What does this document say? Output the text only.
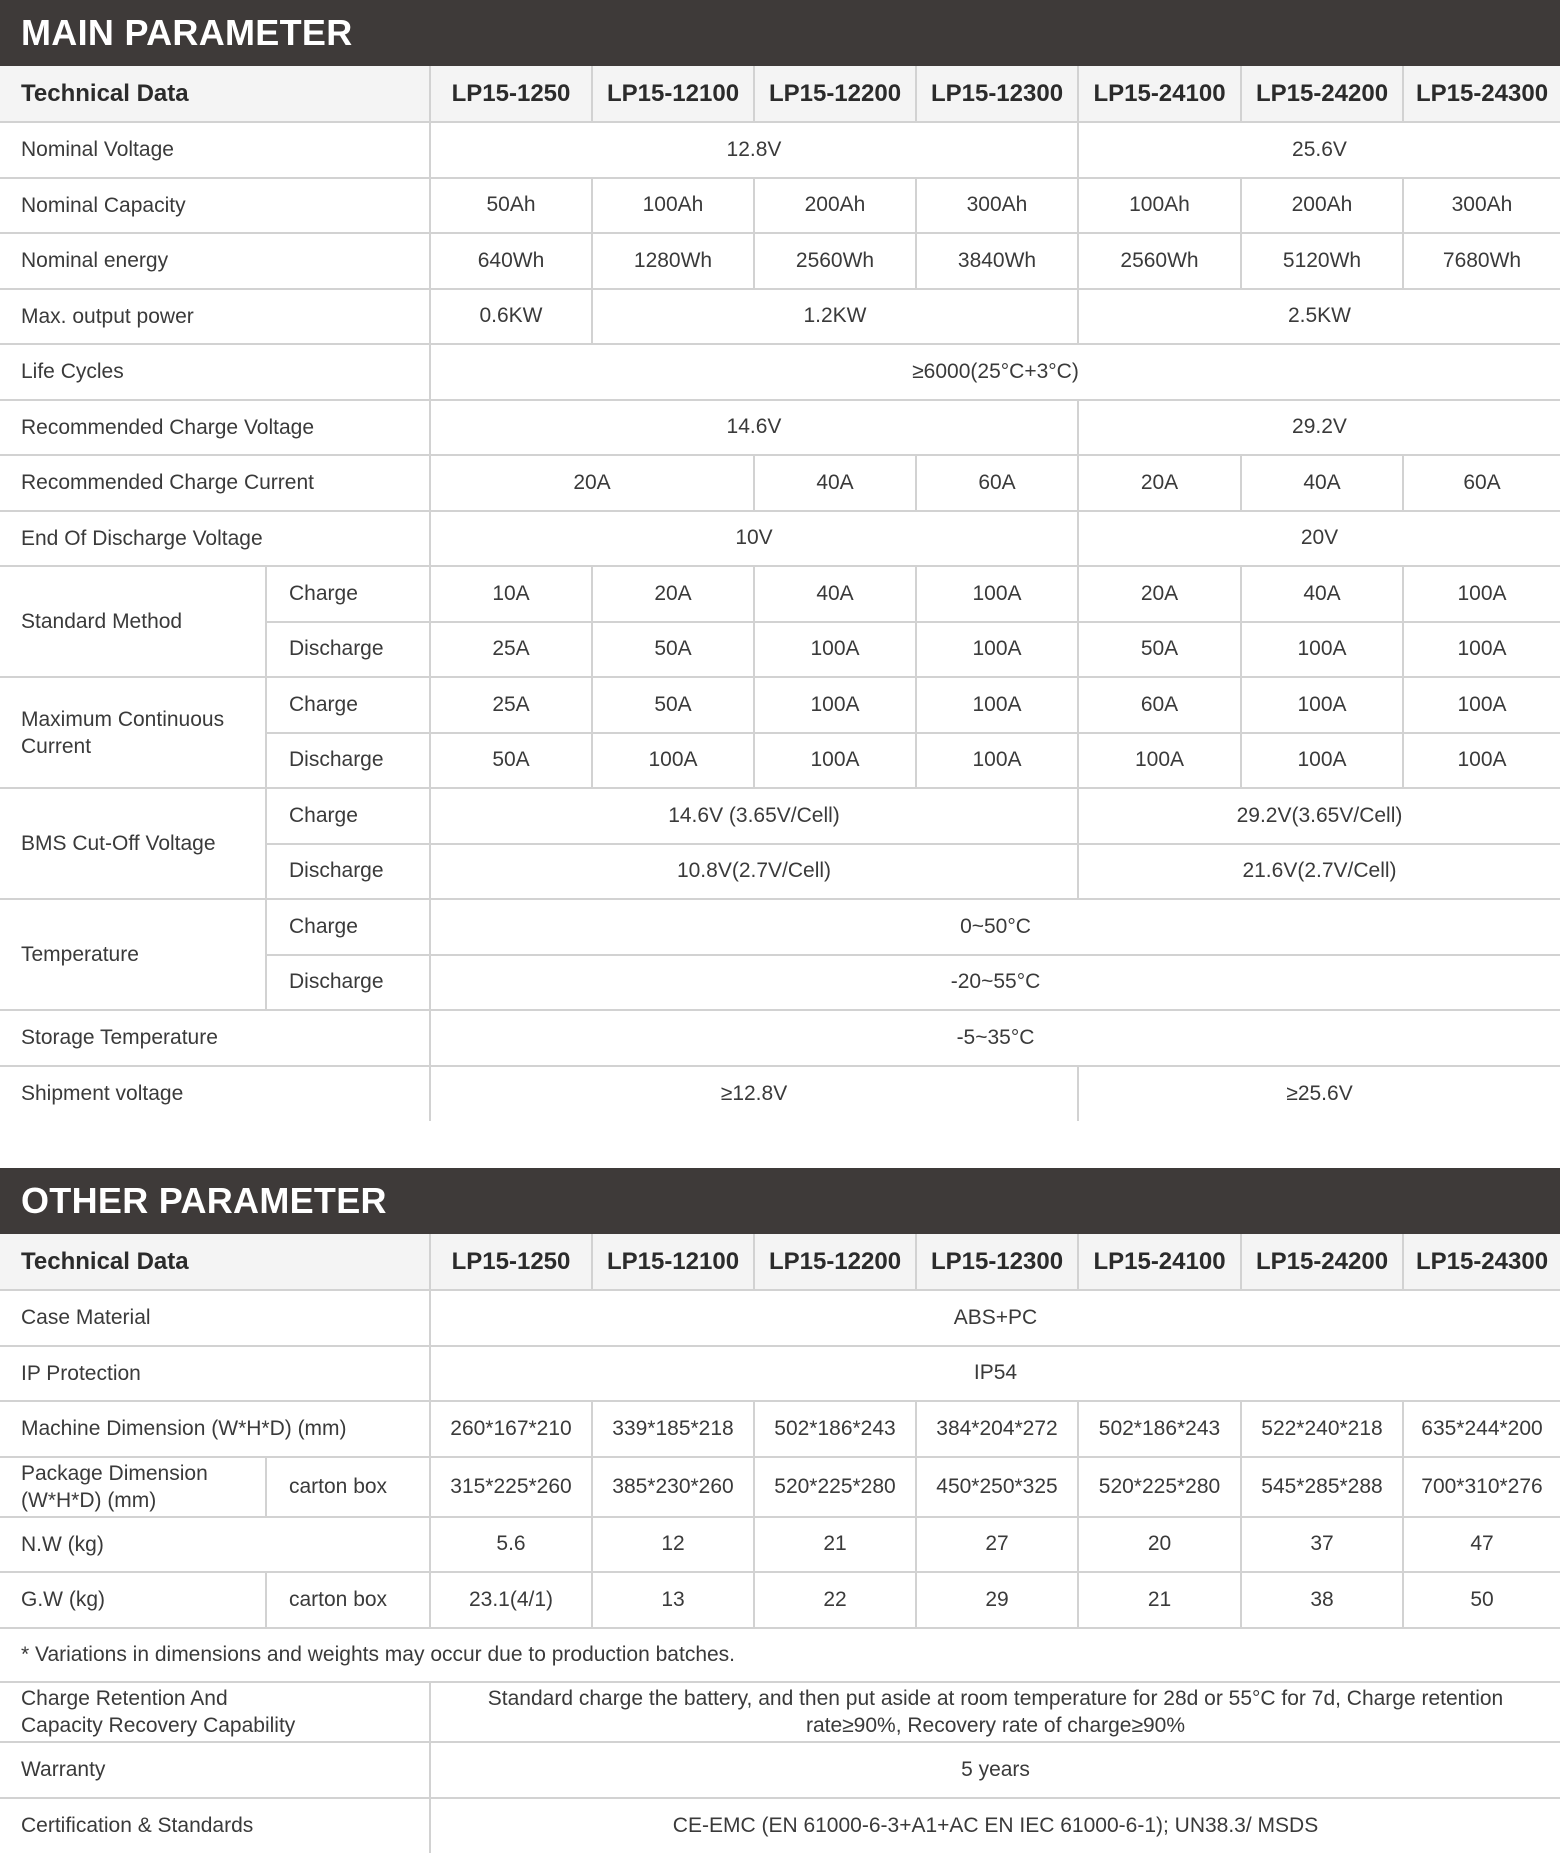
MAIN PARAMETER
Technical Data		LP15-1250	LP15-12100	LP15-12200	LP15-12300	LP15-24100	LP15-24200	LP15-24300
Nominal Voltage		12.8V				25.6V		
Nominal Capacity		50Ah	100Ah	200Ah	300Ah	100Ah	200Ah	300Ah
Nominal energy		640Wh	1280Wh	2560Wh	3840Wh	2560Wh	5120Wh	7680Wh
Max. output power		0.6KW	1.2KW			2.5KW		
Life Cycles		≥6000(25°C+3°C)						
Recommended Charge Voltage		14.6V				29.2V		
Recommended Charge Current		20A		40A	60A	20A	40A	60A
End Of Discharge Voltage		10V				20V		
Standard Method	Charge	10A	20A	40A	100A	20A	40A	100A
	Discharge	25A	50A	100A	100A	50A	100A	100A
Maximum Continuous Current	Charge	25A	50A	100A	100A	60A	100A	100A
	Discharge	50A	100A	100A	100A	100A	100A	100A
BMS Cut-Off Voltage	Charge	14.6V (3.65V/Cell)				29.2V(3.65V/Cell)		
	Discharge	10.8V(2.7V/Cell)				21.6V(2.7V/Cell)		
Temperature	Charge	0~50°C						
	Discharge	-20~55°C						
Storage Temperature		-5~35°C						
Shipment voltage		≥12.8V				≥25.6V		
OTHER PARAMETER
Technical Data		LP15-1250	LP15-12100	LP15-12200	LP15-12300	LP15-24100	LP15-24200	LP15-24300
Case Material		ABS+PC						
IP Protection		IP54						
Machine Dimension (W*H*D) (mm)		260*167*210	339*185*218	502*186*243	384*204*272	502*186*243	522*240*218	635*244*200
Package Dimension (W*H*D) (mm)	carton box	315*225*260	385*230*260	520*225*280	450*250*325	520*225*280	545*285*288	700*310*276
N.W (kg)		5.6	12	21	27	20	37	47
G.W (kg)	carton box	23.1(4/1)	13	22	29	21	38	50
* Variations in dimensions and weights may occur due to production batches.
Charge Retention And Capacity Recovery Capability	Standard charge the battery, and then put aside at room temperature for 28d or 55°C for 7d, Charge retention rate≥90%, Recovery rate of charge≥90%
Warranty	5 years
Certification & Standards	CE-EMC (EN 61000-6-3+A1+AC EN IEC 61000-6-1); UN38.3/ MSDS
